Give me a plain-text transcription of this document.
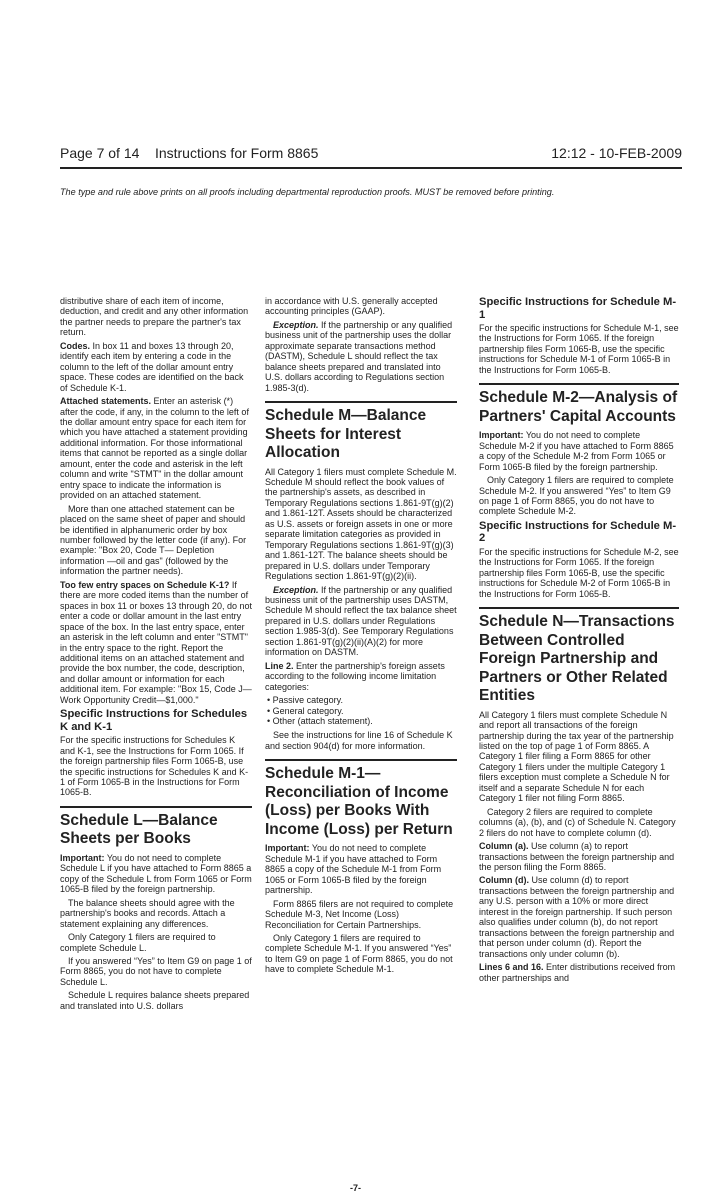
Page 7 of 14    Instructions for Form 8865	12:12 - 10-FEB-2009
The type and rule above prints on all proofs including departmental reproduction proofs. MUST be removed before printing.

distributive share of each item of income, deduction, and credit and any other information the partner needs to prepare the partner's tax return.

Codes. In box 11 and boxes 13 through 20, identify each item by entering a code in the column to the left of the dollar amount entry space. These codes are identified on the back of Schedule K-1.

Attached statements. Enter an asterisk (*) after the code, if any, in the column to the left of the dollar amount entry space for each item for which you have attached a statement providing additional information. For those informational items that cannot be reported as a single dollar amount, enter the code and asterisk in the left column and write "STMT" in the dollar amount entry space to indicate the information is provided on an attached statement.

More than one attached statement can be placed on the same sheet of paper and should be identified in alphanumeric order by box number followed by the letter code (if any). For example: "Box 20, Code T— Depletion information —oil and gas" (followed by the information the partner needs).

Too few entry spaces on Schedule K-1? If there are more coded items than the number of spaces in box 11 or boxes 13 through 20, do not enter a code or dollar amount in the last entry space of the box. In the last entry space, enter an asterisk in the left column and enter "STMT" in the entry space to the right. Report the additional items on an attached statement and provide the box number, the code, description, and dollar amount or information for each additional item. For example: "Box 15, Code J—Work Opportunity Credit—$1,000."

Specific Instructions for Schedules K and K-1

For the specific instructions for Schedules K and K-1, see the Instructions for Form 1065. If the foreign partnership files Form 1065-B, use the specific instructions for Schedules K and K-1 of Form 1065-B in the Instructions for Form 1065-B.

Schedule L—Balance Sheets per Books

Important: You do not need to complete Schedule L if you have attached to Form 8865 a copy of the Schedule L from Form 1065 or Form 1065-B filed by the foreign partnership.

The balance sheets should agree with the partnership's books and records. Attach a statement explaining any differences.

Only Category 1 filers are required to complete Schedule L.

If you answered “Yes” to Item G9 on page 1 of Form 8865, you do not have to complete Schedule L.

Schedule L requires balance sheets prepared and translated into U.S. dollars

in accordance with U.S. generally accepted accounting principles (GAAP).

Exception. If the partnership or any qualified business unit of the partnership uses the dollar approximate separate transactions method (DASTM), Schedule L should reflect the tax balance sheets prepared and translated into U.S. dollars according to Regulations section 1.985-3(d).

Schedule M—Balance Sheets for Interest Allocation

All Category 1 filers must complete Schedule M. Schedule M should reflect the book values of the partnership's assets, as described in Temporary Regulations sections 1.861-9T(g)(2) and 1.861-12T. Assets should be characterized as U.S. assets or foreign assets in one or more separate limitation categories as provided in Temporary Regulations sections 1.861-9T(g)(3) and 1.861-12T. The balance sheets should be prepared in U.S. dollars under Temporary Regulations section 1.861-9T(g)(2)(ii).

Exception. If the partnership or any qualified business unit of the partnership uses DASTM, Schedule M should reflect the tax balance sheet prepared in U.S. dollars under Regulations section 1.985-3(d). See Temporary Regulations section 1.861-9T(g)(2)(ii)(A)(2) for more information on DASTM.

Line 2. Enter the partnership's foreign assets according to the following income limitation categories:

• Passive category.

• General category.

• Other (attach statement).

See the instructions for line 16 of Schedule K and section 904(d) for more information.

Schedule M-1—Reconciliation of Income (Loss) per Books With Income (Loss) per Return

Important: You do not need to complete Schedule M-1 if you have attached to Form 8865 a copy of the Schedule M-1 from Form 1065 or Form 1065-B filed by the foreign partnership.

Form 8865 filers are not required to complete Schedule M-3, Net Income (Loss) Reconciliation for Certain Partnerships.

Only Category 1 filers are required to complete Schedule M-1. If you answered “Yes” to Item G9 on page 1 of Form 8865, you do not have to complete Schedule M-1.

Specific Instructions for Schedule M-1

For the specific instructions for Schedule M-1, see the Instructions for Form 1065. If the foreign partnership files Form 1065-B, use the specific instructions for Schedule M-1 of Form 1065-B in the Instructions for Form 1065-B.

Schedule M-2—Analysis of Partners' Capital Accounts

Important: You do not need to complete Schedule M-2 if you have attached to Form 8865 a copy of the Schedule M-2 from Form 1065 or Form 1065-B filed by the foreign partnership.

Only Category 1 filers are required to complete Schedule M-2. If you answered “Yes” to Item G9 on page 1 of Form 8865, you do not have to complete Schedule M-2.

Specific Instructions for Schedule M-2

For the specific instructions for Schedule M-2, see the Instructions for Form 1065. If the foreign partnership files Form 1065-B, use the specific instructions for Schedule M-2 of Form 1065-B in the Instructions for Form 1065-B.

Schedule N—Transactions Between Controlled Foreign Partnership and Partners or Other Related Entities

All Category 1 filers must complete Schedule N and report all transactions of the foreign partnership during the tax year of the partnership listed on the top of page 1 of Form 8865. A Category 1 filer filing a Form 8865 for other Category 1 filers under the multiple Category 1 filers exception must complete a Schedule N for itself and a separate Schedule N for each Category 1 filer not filing Form 8865.

Category 2 filers are required to complete columns (a), (b), and (c) of Schedule N. Category 2 filers do not have to complete column (d).

Column (a). Use column (a) to report transactions between the foreign partnership and the person filing the Form 8865.

Column (d). Use column (d) to report transactions between the foreign partnership and any U.S. person with a 10% or more direct interest in the foreign partnership. If such person also qualifies under column (b), do not report transactions between the foreign partnership and that person under column (d). Report the transactions only under column (b).

Lines 6 and 16. Enter distributions received from other partnerships and

-7-
